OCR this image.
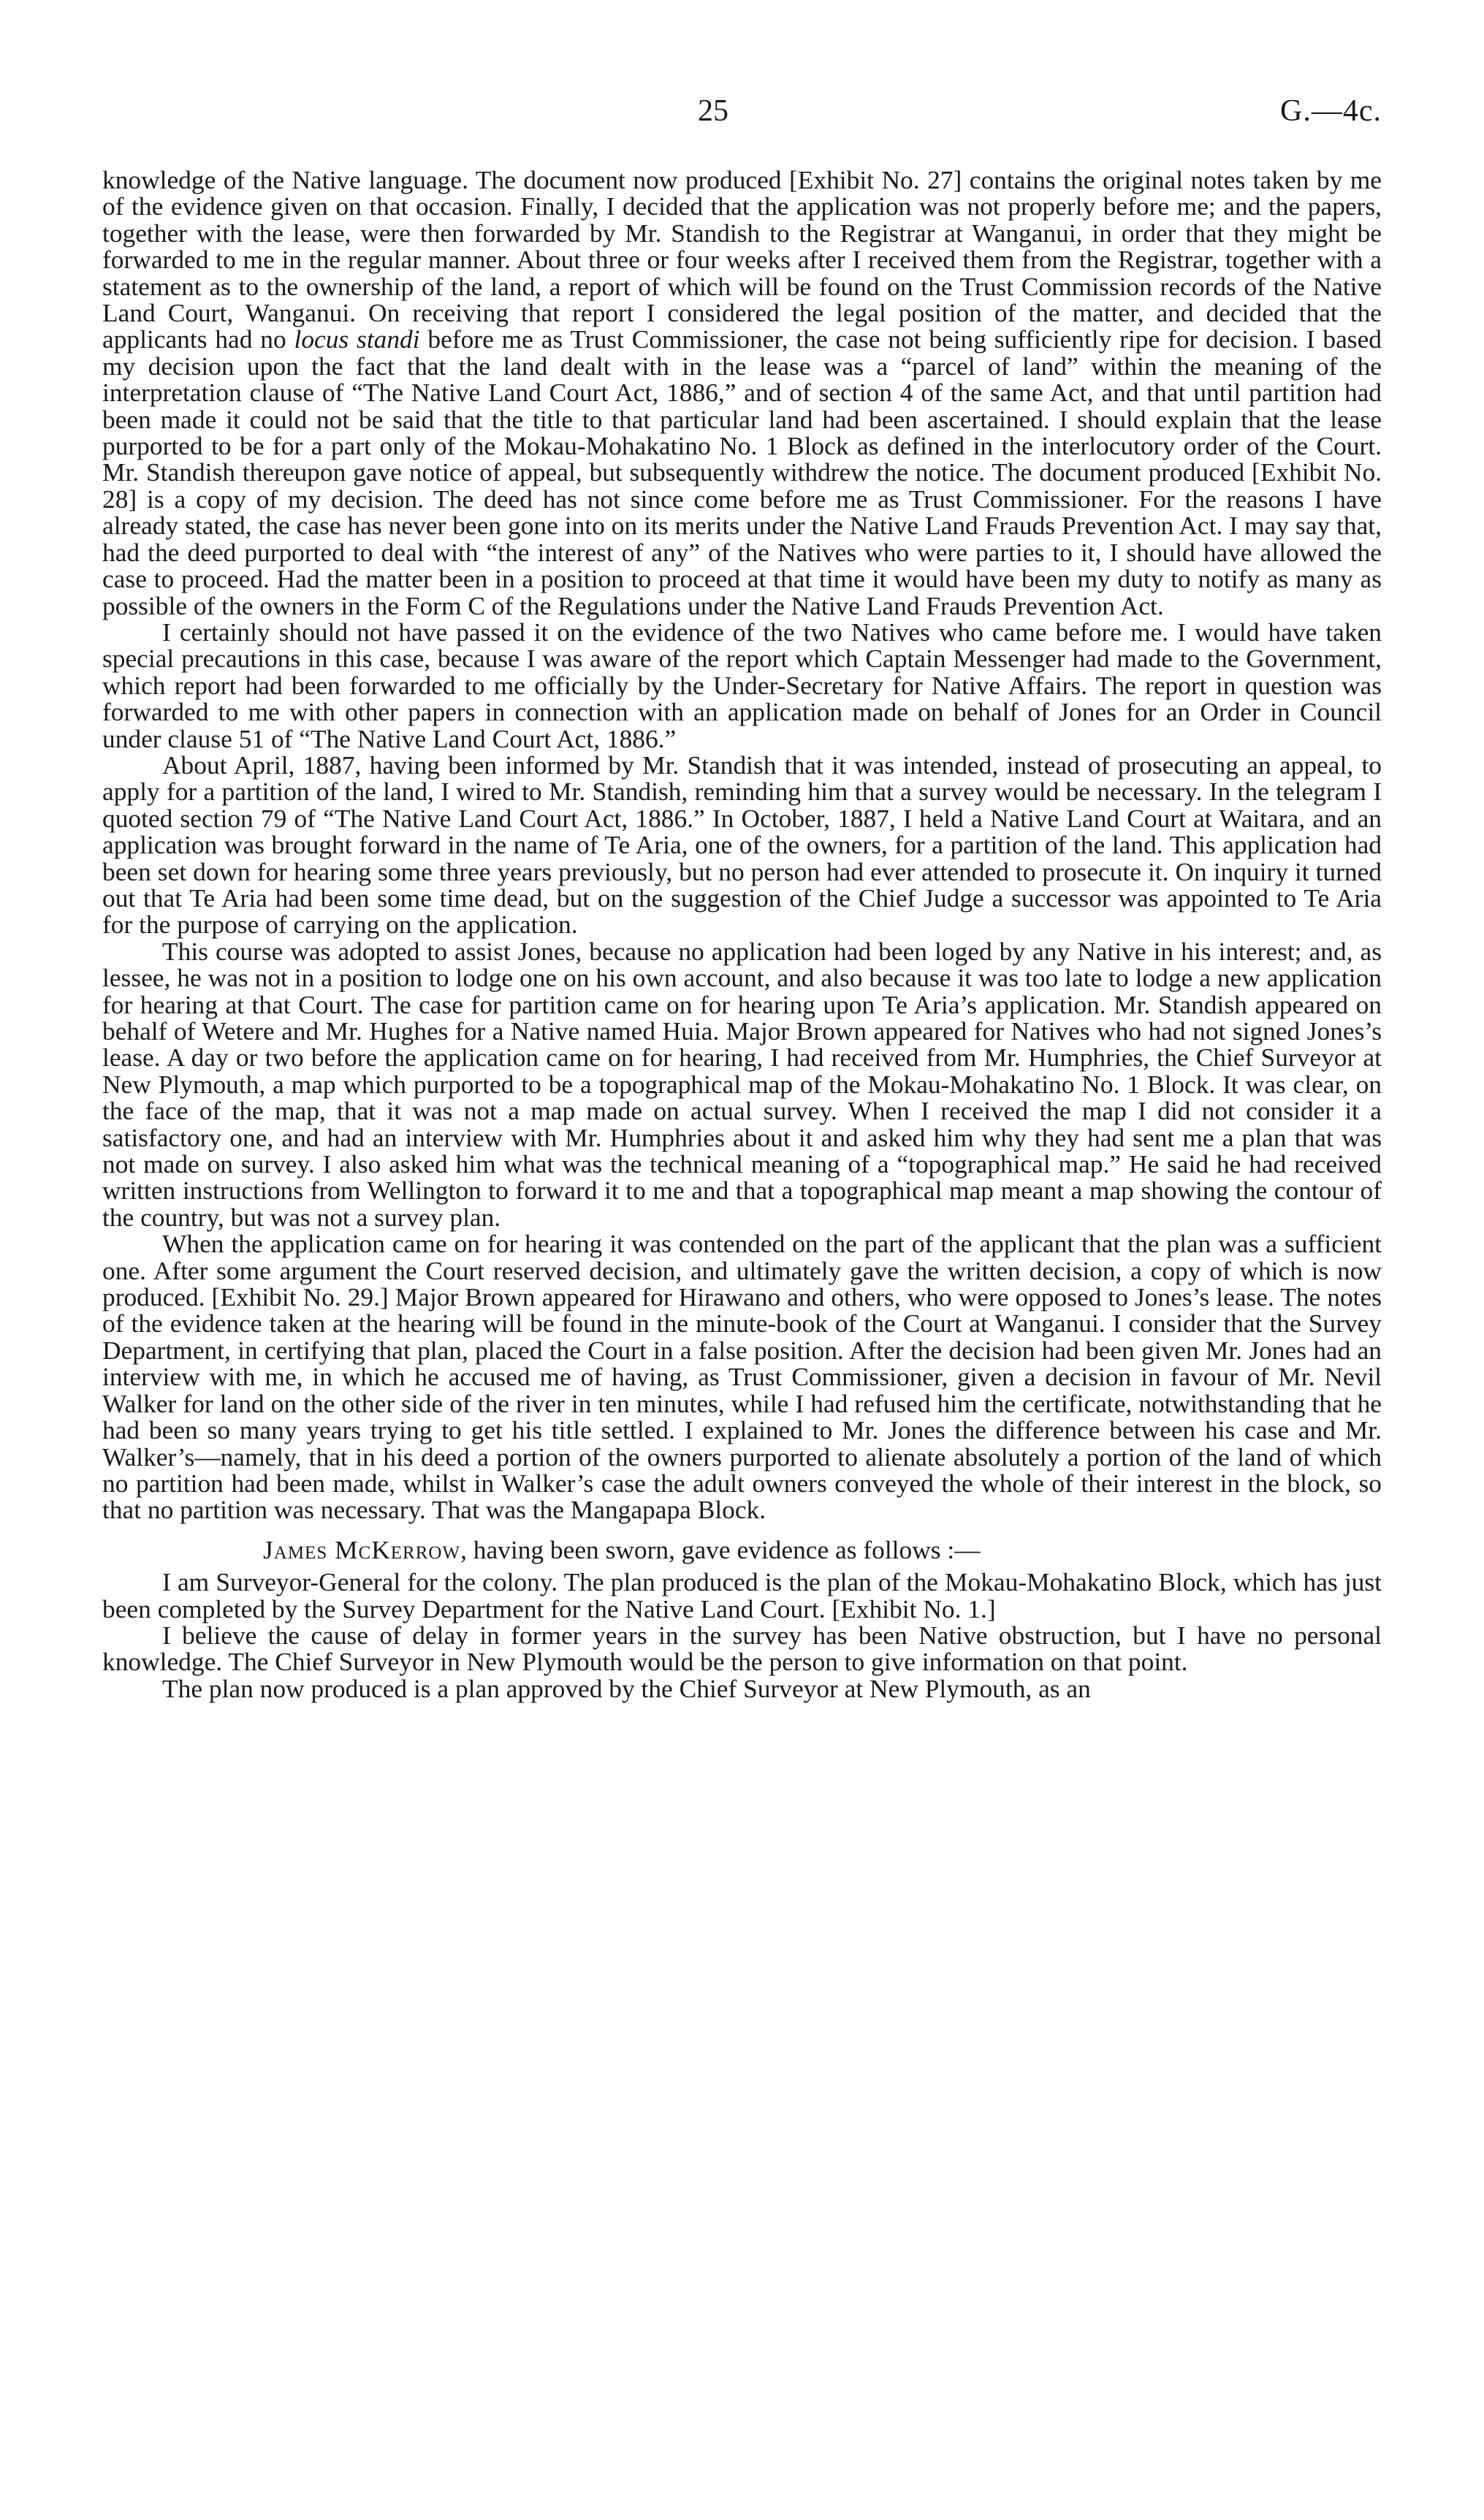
25	G.—4c.

knowledge of the Native language. The document now produced [Exhibit No. 27] contains the original notes taken by me of the evidence given on that occasion. Finally, I decided that the application was not properly before me; and the papers, together with the lease, were then forwarded by Mr. Standish to the Registrar at Wanganui, in order that they might be forwarded to me in the regular manner. About three or four weeks after I received them from the Registrar, together with a statement as to the ownership of the land, a report of which will be found on the Trust Commission records of the Native Land Court, Wanganui. On receiving that report I considered the legal position of the matter, and decided that the applicants had no locus standi before me as Trust Commissioner, the case not being sufficiently ripe for decision. I based my decision upon the fact that the land dealt with in the lease was a “parcel of land” within the meaning of the interpretation clause of “The Native Land Court Act, 1886,” and of section 4 of the same Act, and that until partition had been made it could not be said that the title to that particular land had been ascertained. I should explain that the lease purported to be for a part only of the Mokau-Mohakatino No. 1 Block as defined in the interlocutory order of the Court. Mr. Standish thereupon gave notice of appeal, but subsequently withdrew the notice. The document produced [Exhibit No. 28] is a copy of my decision. The deed has not since come before me as Trust Commissioner. For the reasons I have already stated, the case has never been gone into on its merits under the Native Land Frauds Prevention Act. I may say that, had the deed purported to deal with “the interest of any” of the Natives who were parties to it, I should have allowed the case to proceed. Had the matter been in a position to proceed at that time it would have been my duty to notify as many as possible of the owners in the Form C of the Regulations under the Native Land Frauds Prevention Act.

I certainly should not have passed it on the evidence of the two Natives who came before me. I would have taken special precautions in this case, because I was aware of the report which Captain Messenger had made to the Government, which report had been forwarded to me officially by the Under-Secretary for Native Affairs. The report in question was forwarded to me with other papers in connection with an application made on behalf of Jones for an Order in Council under clause 51 of “The Native Land Court Act, 1886.”

About April, 1887, having been informed by Mr. Standish that it was intended, instead of prosecuting an appeal, to apply for a partition of the land, I wired to Mr. Standish, reminding him that a survey would be necessary. In the telegram I quoted section 79 of “The Native Land Court Act, 1886.” In October, 1887, I held a Native Land Court at Waitara, and an application was brought forward in the name of Te Aria, one of the owners, for a partition of the land. This application had been set down for hearing some three years previously, but no person had ever attended to prosecute it. On inquiry it turned out that Te Aria had been some time dead, but on the suggestion of the Chief Judge a successor was appointed to Te Aria for the purpose of carrying on the application.

This course was adopted to assist Jones, because no application had been loged by any Native in his interest; and, as lessee, he was not in a position to lodge one on his own account, and also because it was too late to lodge a new application for hearing at that Court. The case for partition came on for hearing upon Te Aria’s application. Mr. Standish appeared on behalf of Wetere and Mr. Hughes for a Native named Huia. Major Brown appeared for Natives who had not signed Jones’s lease. A day or two before the application came on for hearing, I had received from Mr. Humphries, the Chief Surveyor at New Plymouth, a map which purported to be a topographical map of the Mokau-Mohakatino No. 1 Block. It was clear, on the face of the map, that it was not a map made on actual survey. When I received the map I did not consider it a satisfactory one, and had an interview with Mr. Humphries about it and asked him why they had sent me a plan that was not made on survey. I also asked him what was the technical meaning of a “topographical map.” He said he had received written instructions from Wellington to forward it to me and that a topographical map meant a map showing the contour of the country, but was not a survey plan.

When the application came on for hearing it was contended on the part of the applicant that the plan was a sufficient one. After some argument the Court reserved decision, and ultimately gave the written decision, a copy of which is now produced. [Exhibit No. 29.] Major Brown appeared for Hirawano and others, who were opposed to Jones’s lease. The notes of the evidence taken at the hearing will be found in the minute-book of the Court at Wanganui. I consider that the Survey Department, in certifying that plan, placed the Court in a false position. After the decision had been given Mr. Jones had an interview with me, in which he accused me of having, as Trust Commissioner, given a decision in favour of Mr. Nevil Walker for land on the other side of the river in ten minutes, while I had refused him the certificate, notwithstanding that he had been so many years trying to get his title settled. I explained to Mr. Jones the difference between his case and Mr. Walker’s—namely, that in his deed a portion of the owners purported to alienate absolutely a portion of the land of which no partition had been made, whilst in Walker’s case the adult owners conveyed the whole of their interest in the block, so that no partition was necessary. That was the Mangapapa Block.

James McKerrow, having been sworn, gave evidence as follows :—

I am Surveyor-General for the colony. The plan produced is the plan of the Mokau-Mohakatino Block, which has just been completed by the Survey Department for the Native Land Court. [Exhibit No. 1.]

I believe the cause of delay in former years in the survey has been Native obstruction, but I have no personal knowledge. The Chief Surveyor in New Plymouth would be the person to give information on that point.

The plan now produced is a plan approved by the Chief Surveyor at New Plymouth, as an
